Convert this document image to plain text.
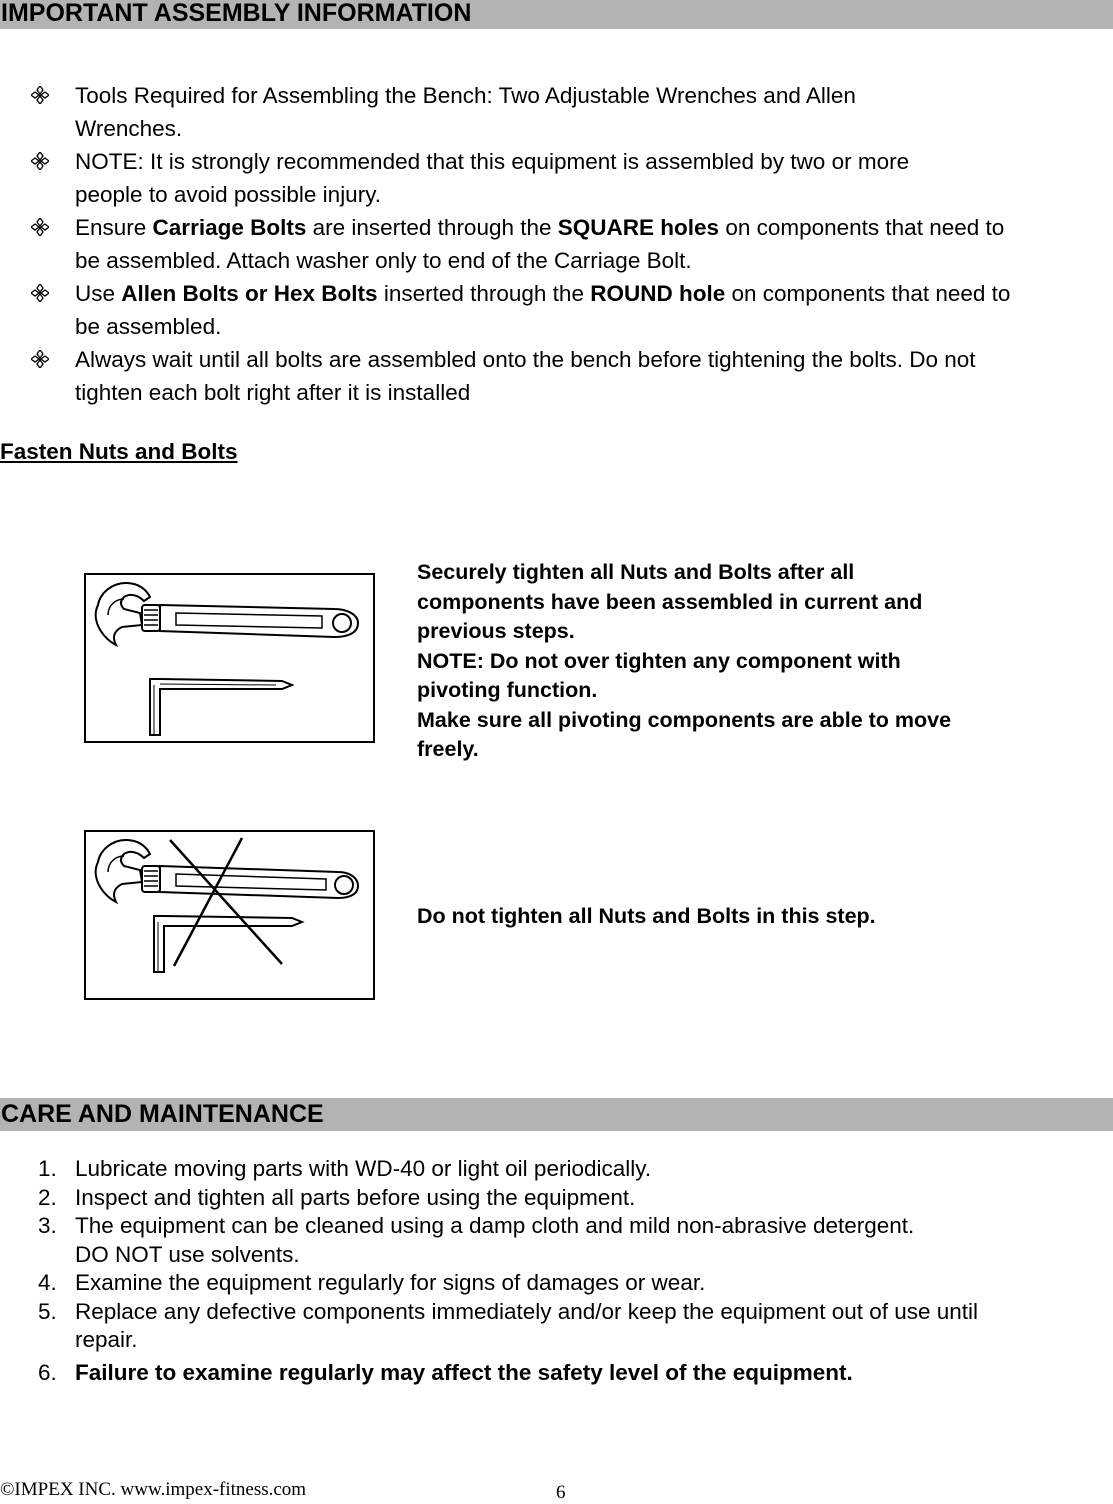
IMPORTANT ASSEMBLY INFORMATION
Tools Required for Assembling the Bench: Two Adjustable Wrenches and Allen
Wrenches.
NOTE: It is strongly recommended that this equipment is assembled by two or more
people to avoid possible injury.
Ensure Carriage Bolts are inserted through the SQUARE holes on components that need to
be assembled. Attach washer only to end of the Carriage Bolt.
Use Allen Bolts or Hex Bolts inserted through the ROUND hole on components that need to
be assembled.
Always wait until all bolts are assembled onto the bench before tightening the bolts. Do not
tighten each bolt right after it is installed
Fasten Nuts and Bolts
Securely tighten all Nuts and Bolts after all
components have been assembled in current and
previous steps.
NOTE: Do not over tighten any component with
pivoting function.
Make sure all pivoting components are able to move
freely.
Do not tighten all Nuts and Bolts in this step.
CARE AND MAINTENANCE
1. Lubricate moving parts with WD-40 or light oil periodically.
2. Inspect and tighten all parts before using the equipment.
3. The equipment can be cleaned using a damp cloth and mild non-abrasive detergent.
DO NOT use solvents.
4. Examine the equipment regularly for signs of damages or wear.
5. Replace any defective components immediately and/or keep the equipment out of use until
repair.
6. Failure to examine regularly may affect the safety level of the equipment.
©IMPEX INC. www.impex-fitness.com	6
